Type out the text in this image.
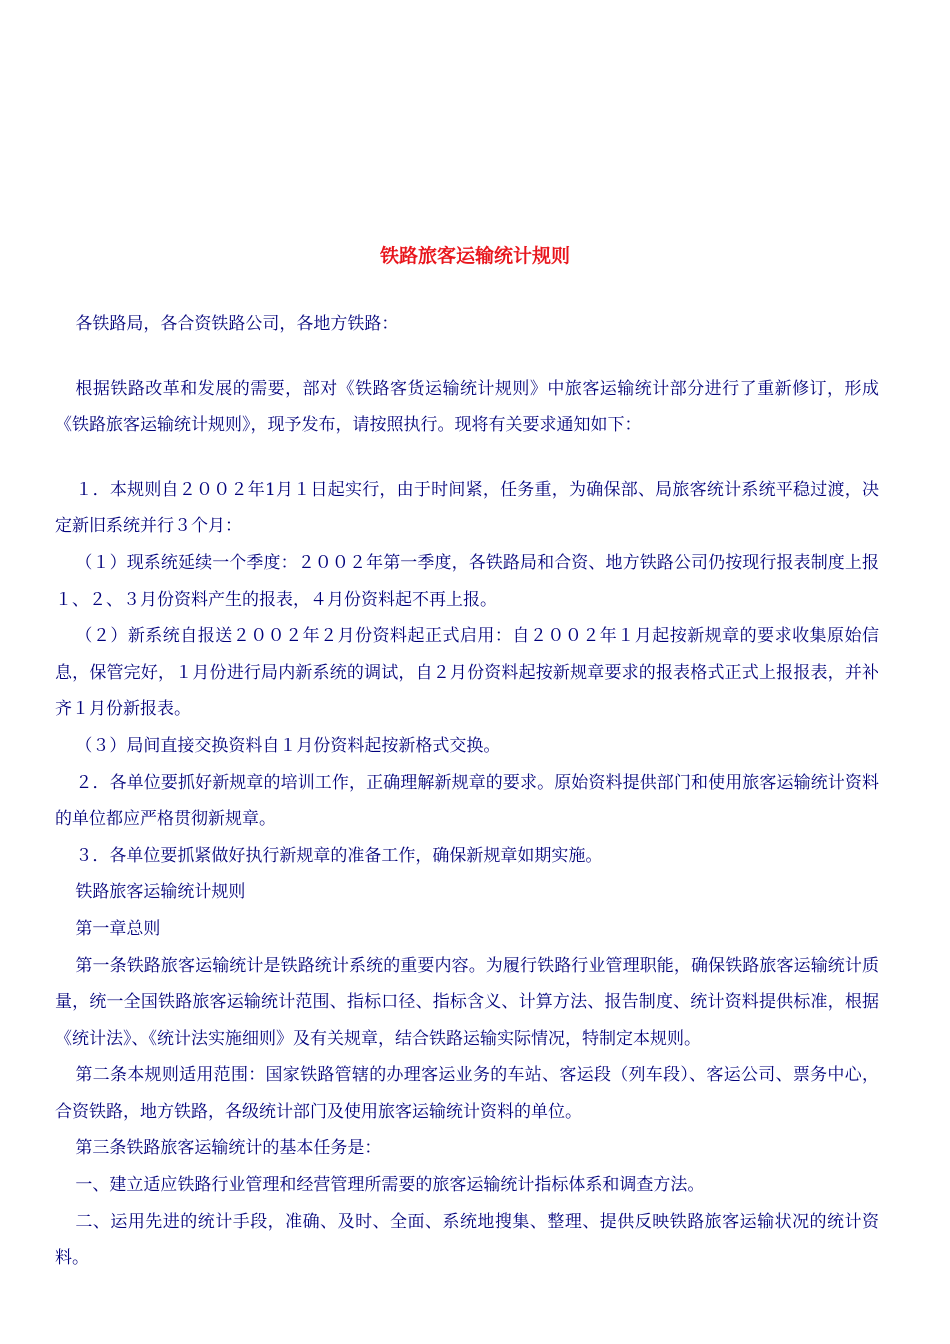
铁路旅客运输统计规则

各铁路局，各合资铁路公司，各地方铁路：

根据铁路改革和发展的需要，部对《铁路客货运输统计规则》中旅客运输统计部分进行了重新修订，形成《铁路旅客运输统计规则》，现予发布，请按照执行。现将有关要求通知如下：

１．本规则自２００２年1月１日起实行，由于时间紧，任务重，为确保部、局旅客统计系统平稳过渡，决定新旧系统并行３个月：

（１）现系统延续一个季度：２００２年第一季度，各铁路局和合资、地方铁路公司仍按现行报表制度上报１、２、３月份资料产生的报表，４月份资料起不再上报。

（２）新系统自报送２００２年２月份资料起正式启用：自２００２年１月起按新规章的要求收集原始信息，保管完好，１月份进行局内新系统的调试，自２月份资料起按新规章要求的报表格式正式上报报表，并补齐１月份新报表。

（３）局间直接交换资料自１月份资料起按新格式交换。

２．各单位要抓好新规章的培训工作，正确理解新规章的要求。原始资料提供部门和使用旅客运输统计资料的单位都应严格贯彻新规章。

３．各单位要抓紧做好执行新规章的准备工作，确保新规章如期实施。

铁路旅客运输统计规则

第一章总则

第一条铁路旅客运输统计是铁路统计系统的重要内容。为履行铁路行业管理职能，确保铁路旅客运输统计质量，统一全国铁路旅客运输统计范围、指标口径、指标含义、计算方法、报告制度、统计资料提供标准，根据《统计法》、《统计法实施细则》及有关规章，结合铁路运输实际情况，特制定本规则。

第二条本规则适用范围：国家铁路管辖的办理客运业务的车站、客运段（列车段）、客运公司、票务中心，合资铁路，地方铁路，各级统计部门及使用旅客运输统计资料的单位。

第三条铁路旅客运输统计的基本任务是：

一、建立适应铁路行业管理和经营管理所需要的旅客运输统计指标体系和调查方法。

二、运用先进的统计手段，准确、及时、全面、系统地搜集、整理、提供反映铁路旅客运输状况的统计资料。
